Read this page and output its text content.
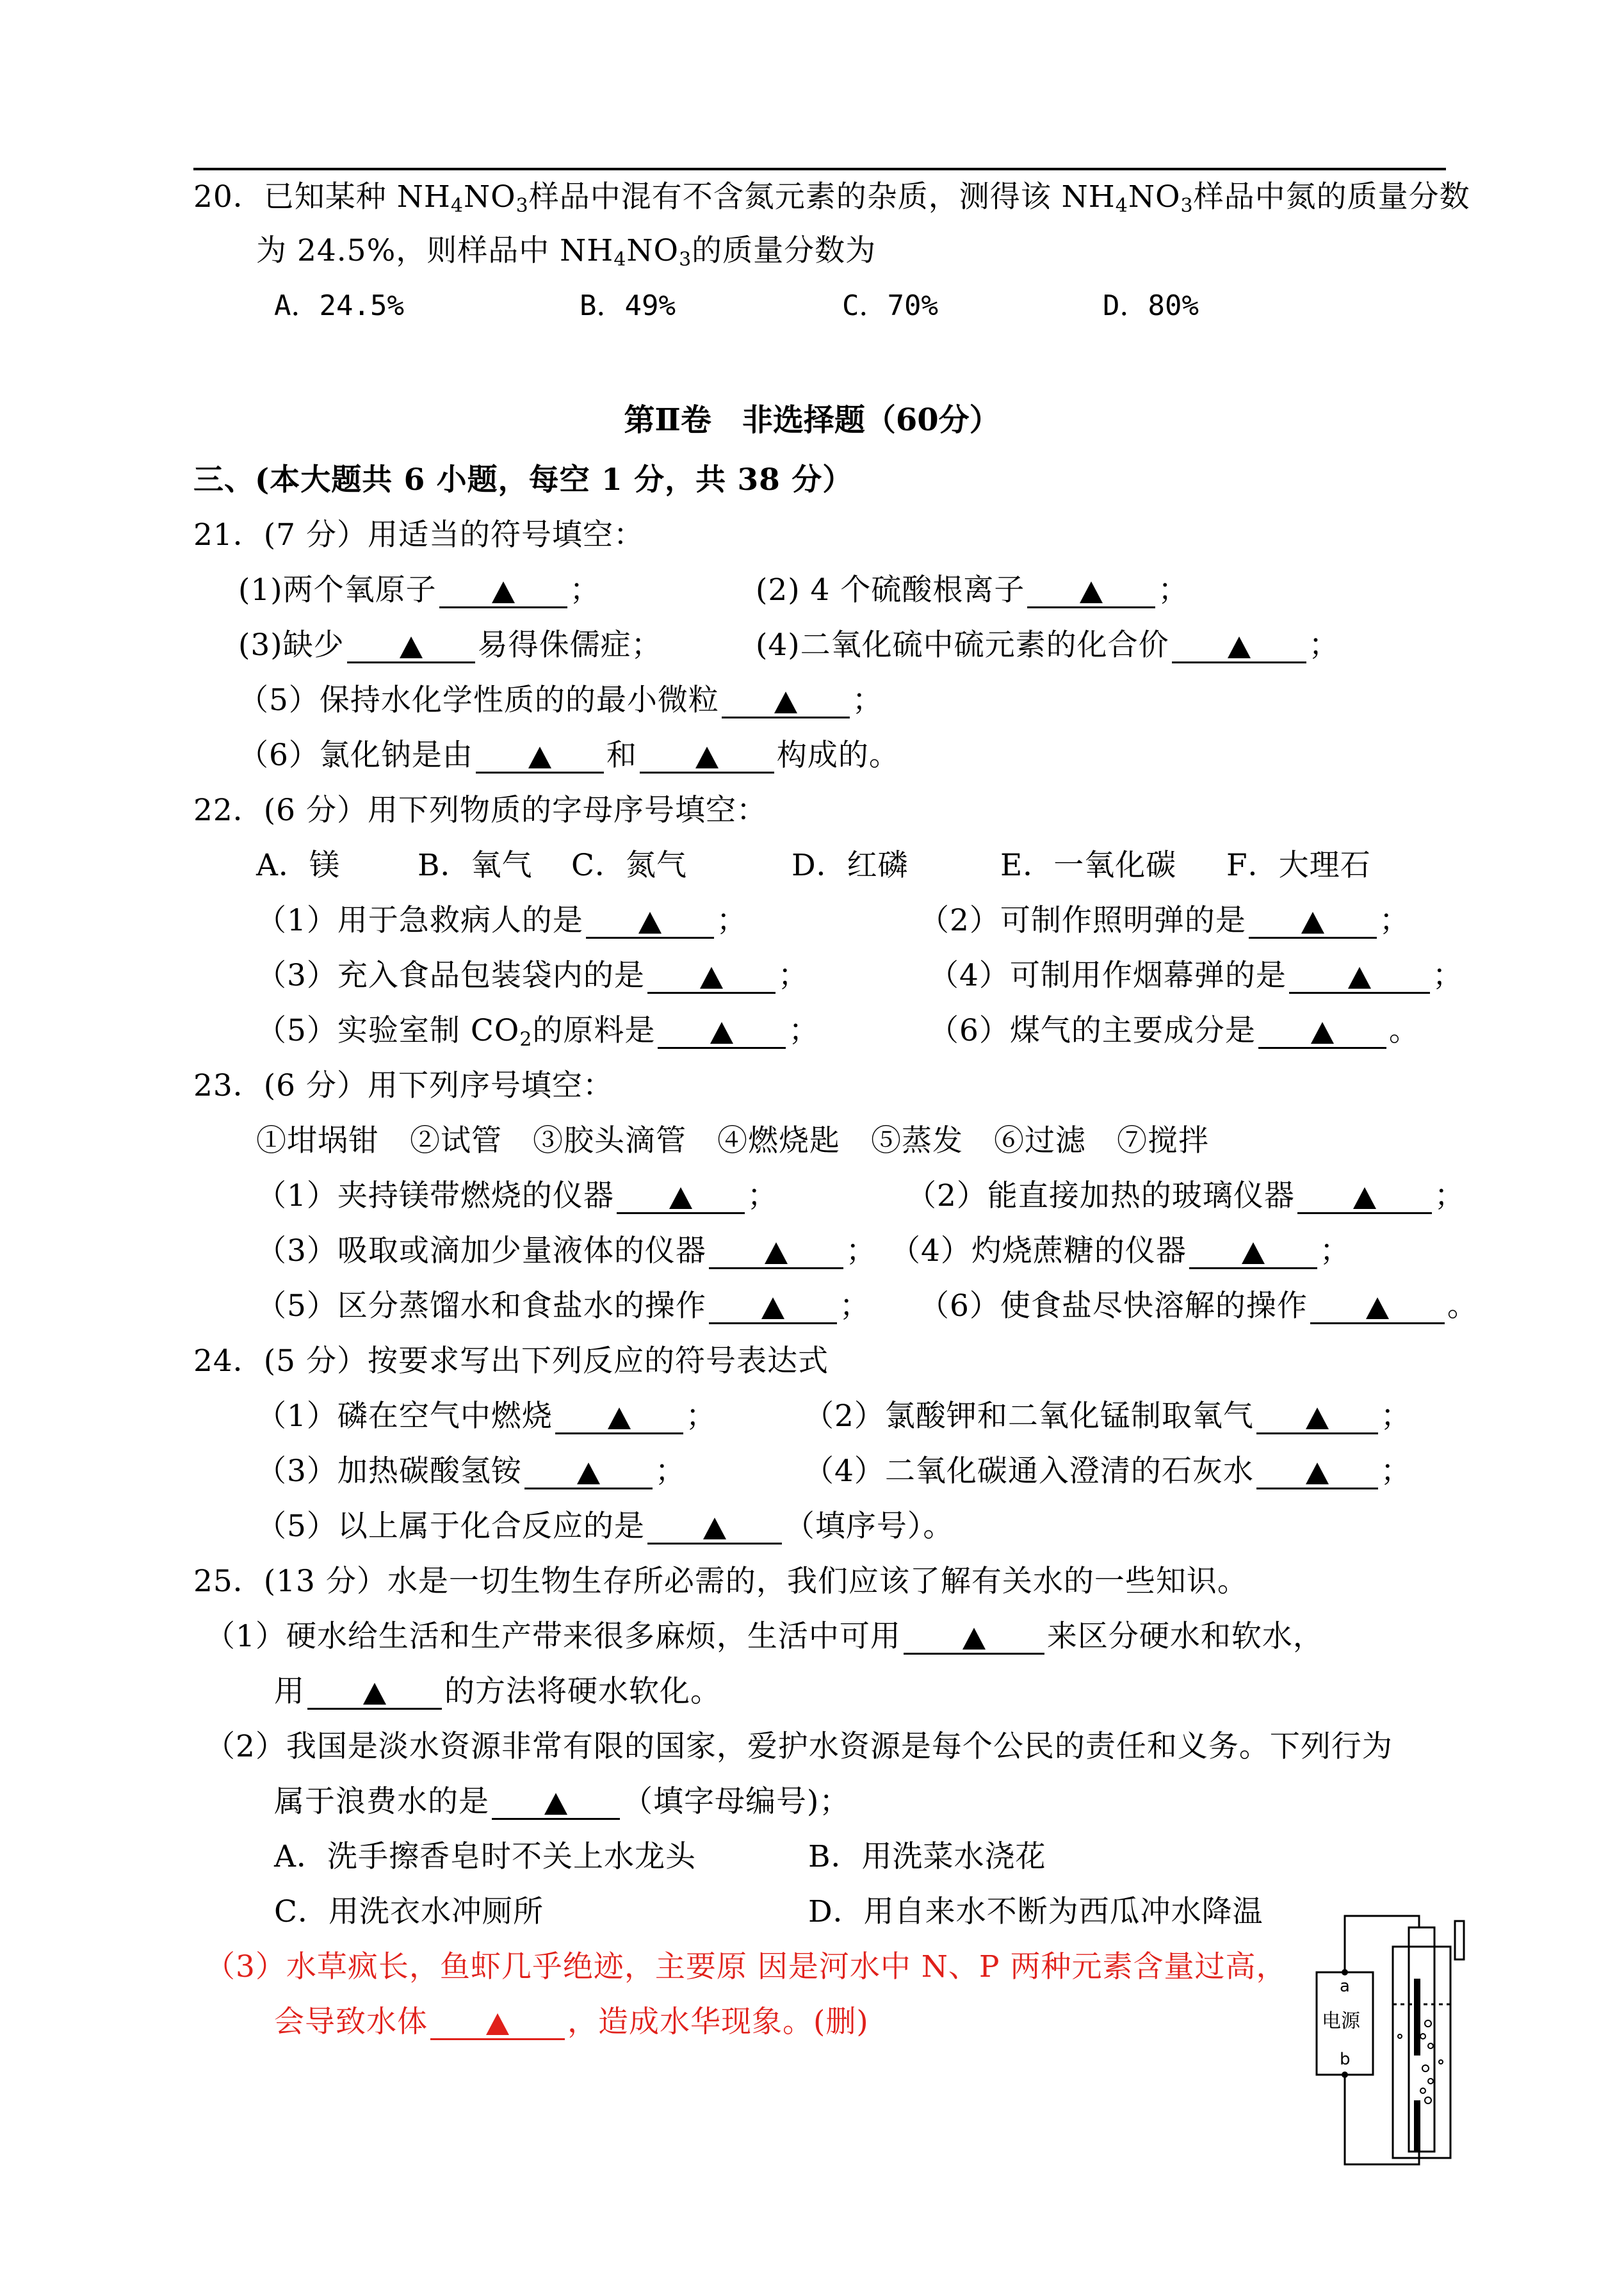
20．已知某种 $NH_4NO_3$样品中混有不含氮元素的杂质，测得该 $NH_4NO_3$样品中氮的质量分数
为 24.5%，则样品中 $NH_4NO_3$的质量分数为
A．24.5%	B．49%	C．70%	D．80%
第Ⅱ卷　非选择题（60分）
三、(本大题共 6 小题，每空 1 分，共 38 分）
21．(7 分）用适当的符号填空：
(1)两个氧原子	；	(2) 4 个硫酸根离子	；
(3)缺少	易得侏儒症；	(4)二氧化硫中硫元素的化合价	；
（5）保持水化学性质的的最小微粒	；
（6）氯化钠是由	和	构成的。
22．(6 分）用下列物质的字母序号填空：
A．镁	B．氧气 C．氮气	D．红磷	E．一氧化碳 F．大理石
（1）用于急救病人的是	；	（2）可制作照明弹的是	；
（3）充入食品包装袋内的是	；	（4）可制用作烟幕弹的是	；
（5）实验室制 $CO_2$的原料是	；	（6）煤气的主要成分是	。
23．(6 分）用下列序号填空：
①坩埚钳　②试管　③胶头滴管　④燃烧匙　⑤蒸发　⑥过滤　⑦搅拌
（1）夹持镁带燃烧的仪器	；	（2）能直接加热的玻璃仪器	；
（3）吸取或滴加少量液体的仪器	； （4）灼烧蔗糖的仪器	；
（5）区分蒸馏水和食盐水的操作	； （6）使食盐尽快溶解的操作	。
24．(5 分）按要求写出下列反应的符号表达式
（1）磷在空气中燃烧	；	（2）氯酸钾和二氧化锰制取氧气	；
（3）加热碳酸氢铵	；	（4）二氧化碳通入澄清的石灰水	；
（5）以上属于化合反应的是	（填序号）。
25．(13 分）水是一切生物生存所必需的，我们应该了解有关水的一些知识。
（1）硬水给生活和生产带来很多麻烦，生活中可用	来区分硬水和软水，
用	的方法将硬水软化。
（2）我国是淡水资源非常有限的国家，爱护水资源是每个公民的责任和义务。下列行为
属于浪费水的是	（填字母编号)；
A．洗手擦香皂时不关上水龙头	B．用洗菜水浇花
C．用洗衣水冲厕所	D．用自来水不断为西瓜冲水降温
（3）水草疯长，鱼虾几乎绝迹，主要原 因是河水中 N、P 两种元素含量过高，
会导致水体	，造成水华现象。(删)
a
电源
b
